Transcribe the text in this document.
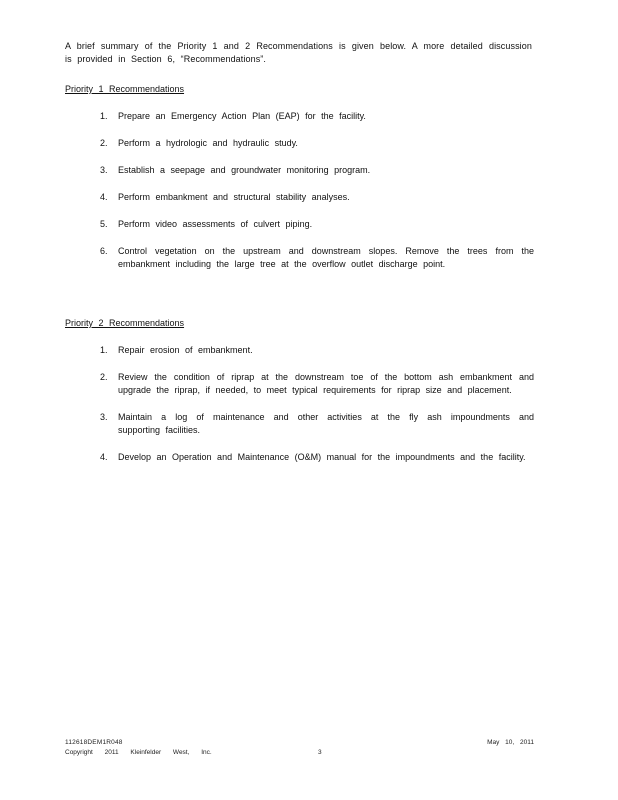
A brief summary of the Priority 1 and 2 Recommendations is given below. A more detailed discussion is provided in Section 6, “Recommendations”.

Priority 1 Recommendations
1. Prepare an Emergency Action Plan (EAP) for the facility.
2. Perform a hydrologic and hydraulic study.
3. Establish a seepage and groundwater monitoring program.
4. Perform embankment and structural stability analyses.
5. Perform video assessments of culvert piping.
6. Control vegetation on the upstream and downstream slopes. Remove the trees from the embankment including the large tree at the overflow outlet discharge point.
Priority 2 Recommendations
1. Repair erosion of embankment.
2. Review the condition of riprap at the downstream toe of the bottom ash embankment and upgrade the riprap, if needed, to meet typical requirements for riprap size and placement.
3. Maintain a log of maintenance and other activities at the fly ash impoundments and supporting facilities.
4. Develop an Operation and Maintenance (O&M) manual for the impoundments and the facility.
112618DEM1R048
Copyright 2011 Kleinfelder West, Inc.	3
May 10, 2011
